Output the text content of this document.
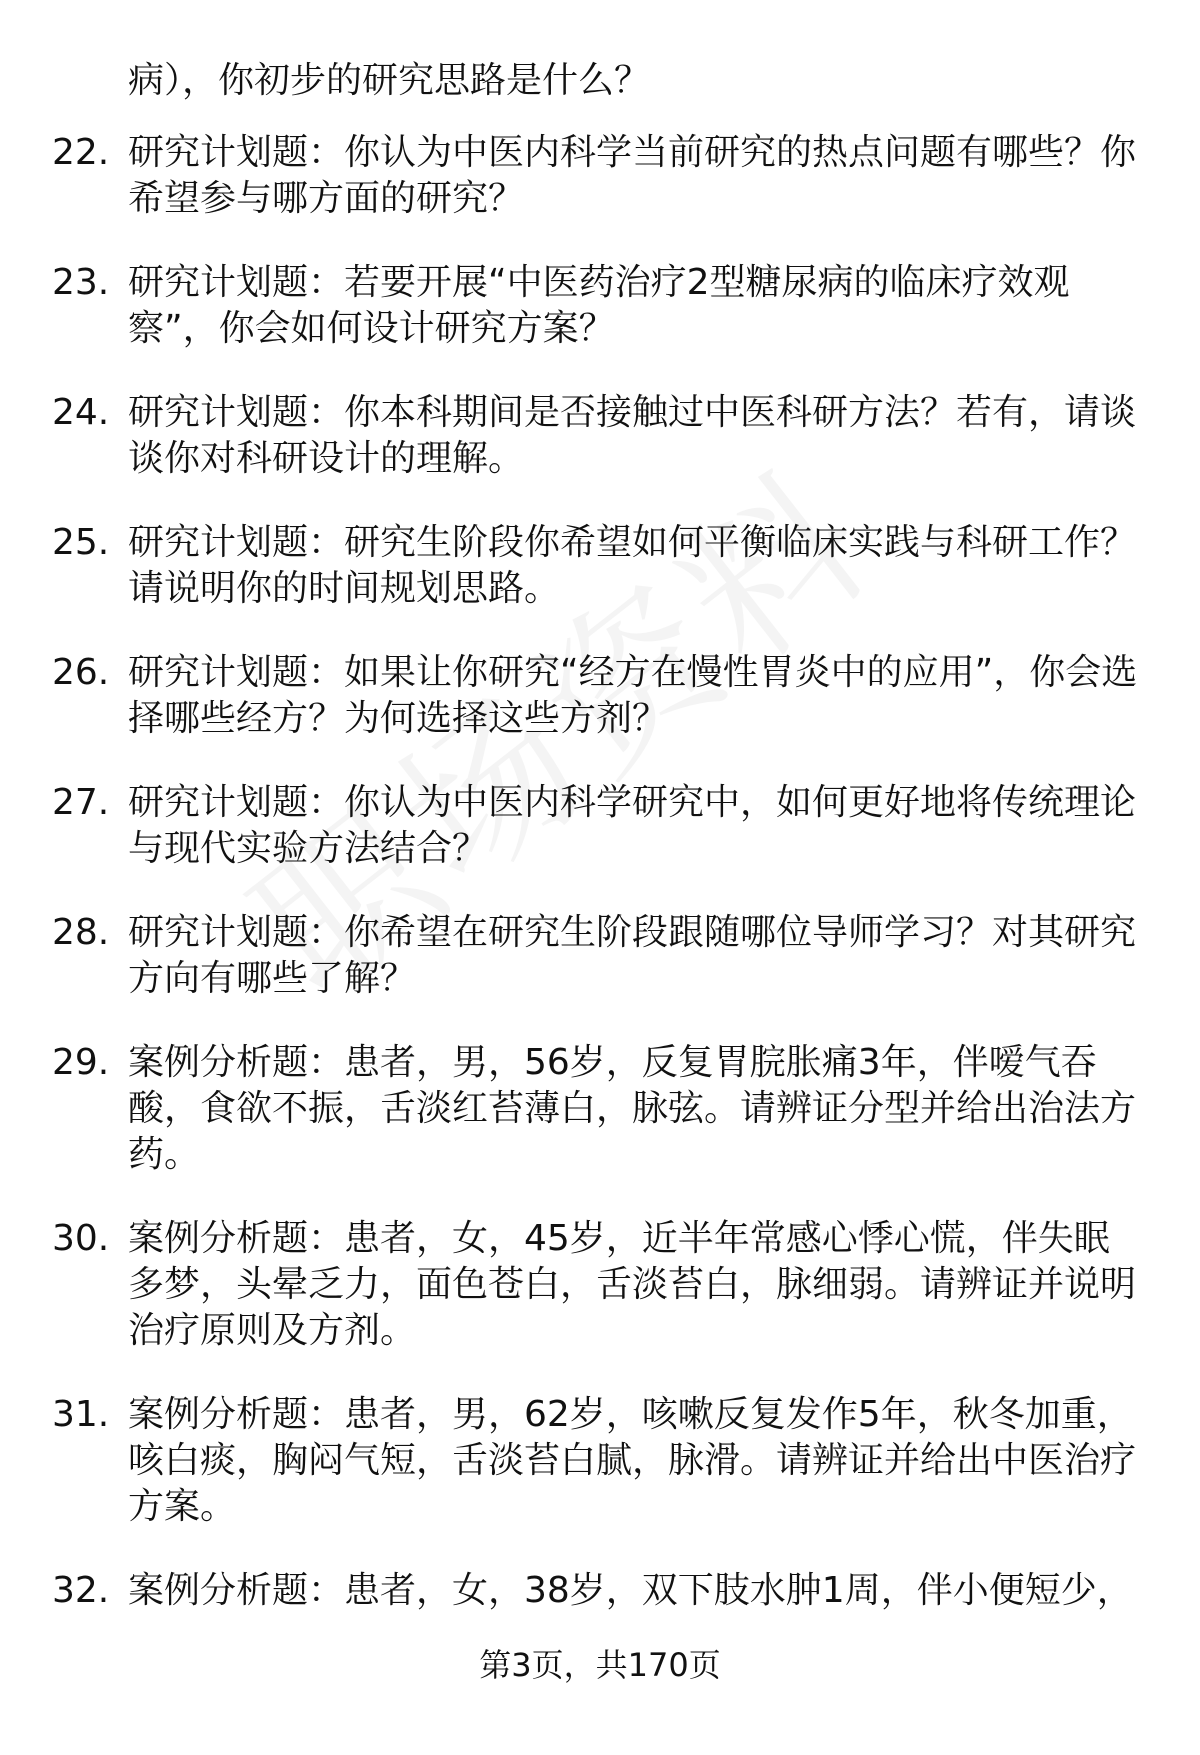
病），你初步的研究思路是什么？

22. 研究计划题：你认为中医内科学当前研究的热点问题有哪些？你希望参与哪方面的研究？
23. 研究计划题：若要开展“中医药治疗2型糖尿病的临床疗效观察”，你会如何设计研究方案？
24. 研究计划题：你本科期间是否接触过中医科研方法？若有，请谈谈你对科研设计的理解。
25. 研究计划题：研究生阶段你希望如何平衡临床实践与科研工作？请说明你的时间规划思路。
26. 研究计划题：如果让你研究“经方在慢性胃炎中的应用”，你会选择哪些经方？为何选择这些方剂？
27. 研究计划题：你认为中医内科学研究中，如何更好地将传统理论与现代实验方法结合？
28. 研究计划题：你希望在研究生阶段跟随哪位导师学习？对其研究方向有哪些了解？
29. 案例分析题：患者，男，56岁，反复胃脘胀痛3年，伴嗳气吞酸，食欲不振，舌淡红苔薄白，脉弦。请辨证分型并给出治法方药。
30. 案例分析题：患者，女，45岁，近半年常感心悸心慌，伴失眠多梦，头晕乏力，面色苍白，舌淡苔白，脉细弱。请辨证并说明治疗原则及方剂。
31. 案例分析题：患者，男，62岁，咳嗽反复发作5年，秋冬加重，咳白痰，胸闷气短，舌淡苔白腻，脉滑。请辨证并给出中医治疗方案。
32. 案例分析题：患者，女，38岁，双下肢水肿1周，伴小便短少，
第3页，共170页
